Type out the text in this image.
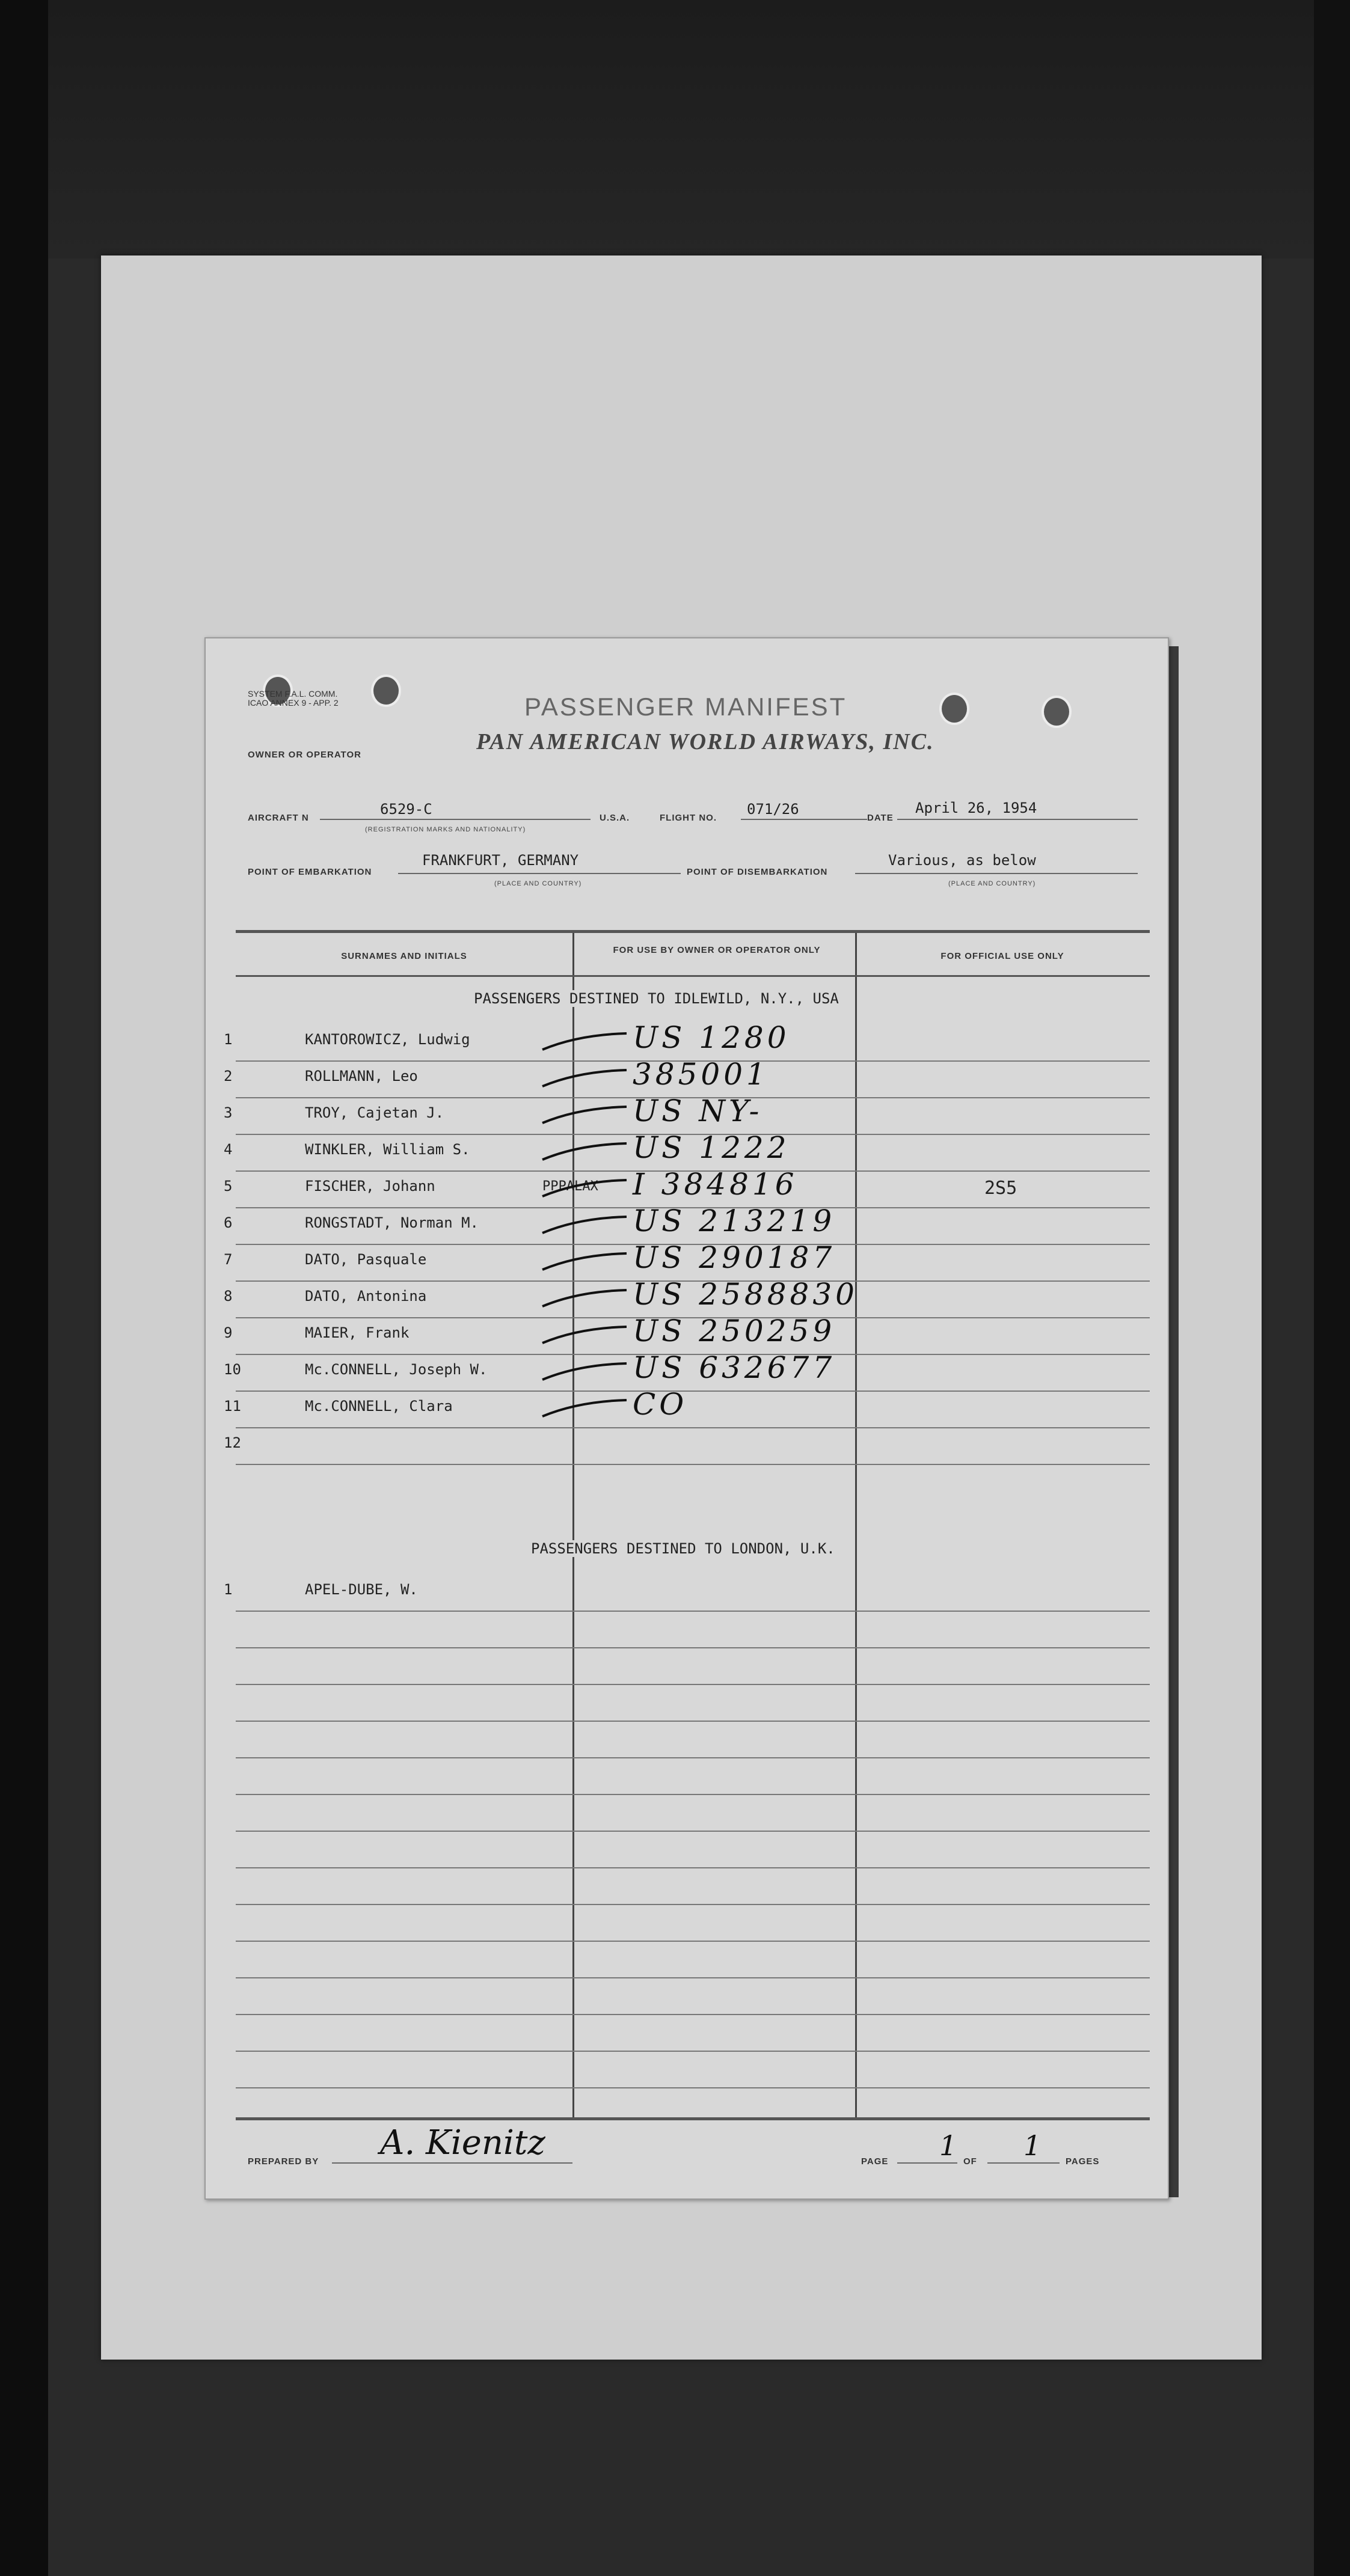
SYSTEM F.A.L. COMM.
ICAO ANNEX 9 - APP. 2	PASSENGER MANIFEST
OWNER OR OPERATOR
PAN AMERICAN WORLD AIRWAYS, INC.
AIRCRAFT N
6529-C
(REGISTRATION MARKS AND NATIONALITY)
U.S.A.	FLIGHT NO.
071/26
DATE
April 26, 1954
POINT OF EMBARKATION
FRANKFURT, GERMANY
(PLACE AND COUNTRY)
POINT OF DISEMBARKATION
Various, as below
(PLACE AND COUNTRY)
SURNAMES AND INITIALS
FOR USE BY OWNER OR OPERATOR ONLY
FOR OFFICIAL USE ONLY
PASSENGERS DESTINED TO IDLEWILD, N.Y., USA
1	KANTOROWICZ, Ludwig	US 1280
2	ROLLMANN, Leo	385001
3	TROY, Cajetan J.	US NY-
4	WINKLER, William S.	US 1222
5	FISCHER, Johann	PPPALAX I 384816	2S5
6	RONGSTADT, Norman M.	US 213219
7	DATO, Pasquale	US 290187
8	DATO, Antonina	US 2588830
9	MAIER, Frank	US 250259
10	Mc.CONNELL, Joseph W.	US 632677
11	Mc.CONNELL, Clara	CO
12
PASSENGERS DESTINED TO LONDON, U.K.
1	APEL-DUBE, W.
PREPARED BY A. Kienitz	PAGE 1 OF 1	PAGES
